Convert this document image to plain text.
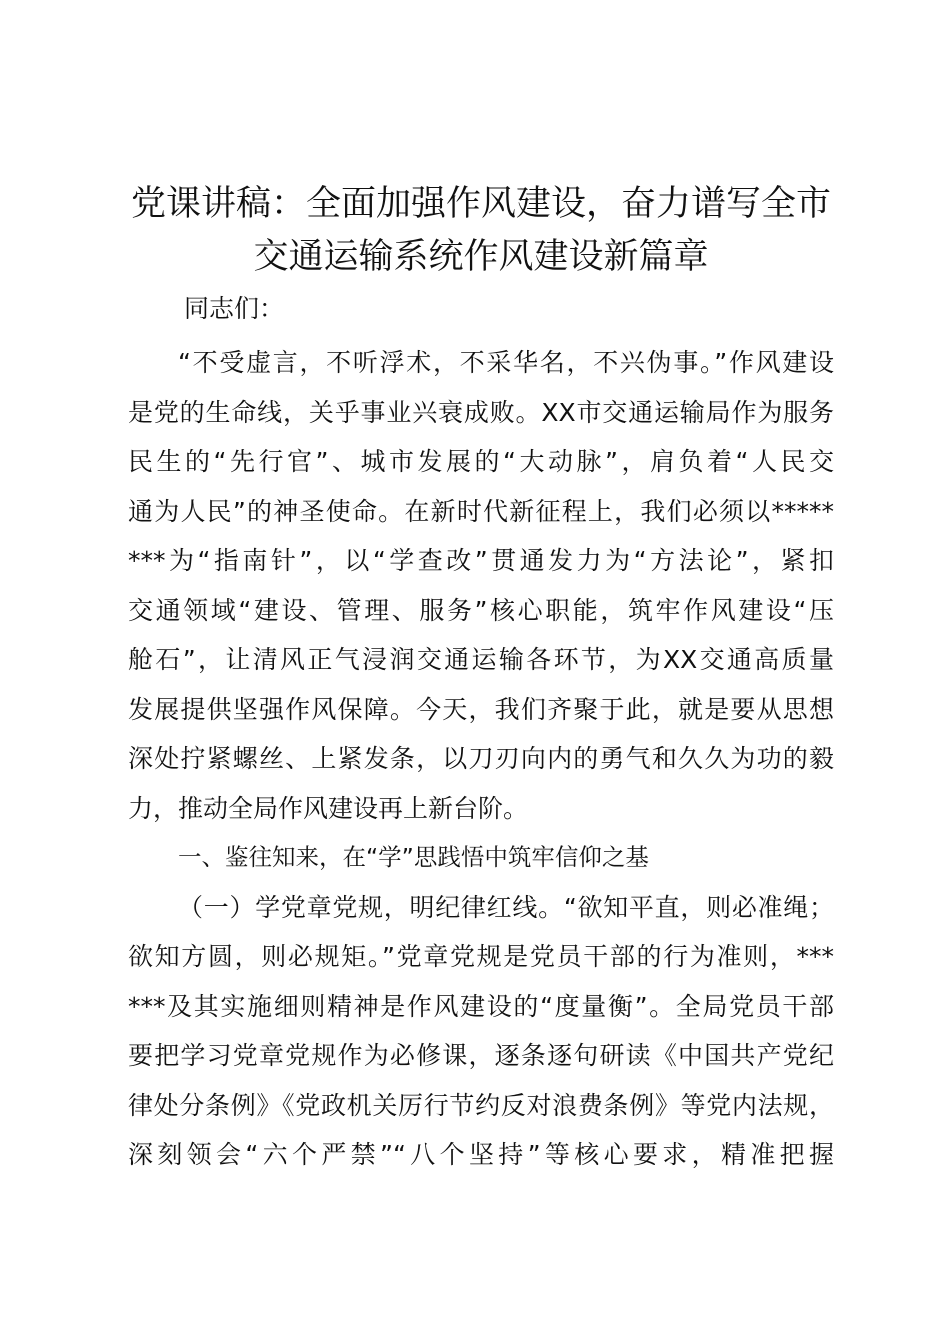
党课讲稿：全面加强作风建设，奋力谱写全市
交通运输系统作风建设新篇章

同志们：

“不受虚言，不听浮术，不采华名，不兴伪事。”作风建设
是党的生命线，关乎事业兴衰成败。XX市交通运输局作为服务
民生的“先行官”、城市发展的“大动脉”，肩负着“人民交
通为人民”的神圣使命。在新时代新征程上，我们必须以*****
***为“指南针”，以“学查改”贯通发力为“方法论”，紧扣
交通领域“建设、管理、服务”核心职能，筑牢作风建设“压
舱石”，让清风正气浸润交通运输各环节，为XX交通高质量
发展提供坚强作风保障。今天，我们齐聚于此，就是要从思想
深处拧紧螺丝、上紧发条，以刀刃向内的勇气和久久为功的毅
力，推动全局作风建设再上新台阶。
一、鉴往知来，在“学”思践悟中筑牢信仰之基
（一）学党章党规，明纪律红线。“欲知平直，则必准绳；
欲知方圆，则必规矩。”党章党规是党员干部的行为准则，***
***及其实施细则精神是作风建设的“度量衡”。全局党员干部
要把学习党章党规作为必修课，逐条逐句研读《中国共产党纪
律处分条例》《党政机关厉行节约反对浪费条例》等党内法规，
深刻领会“六个严禁”“八个坚持”等核心要求，精准把握
